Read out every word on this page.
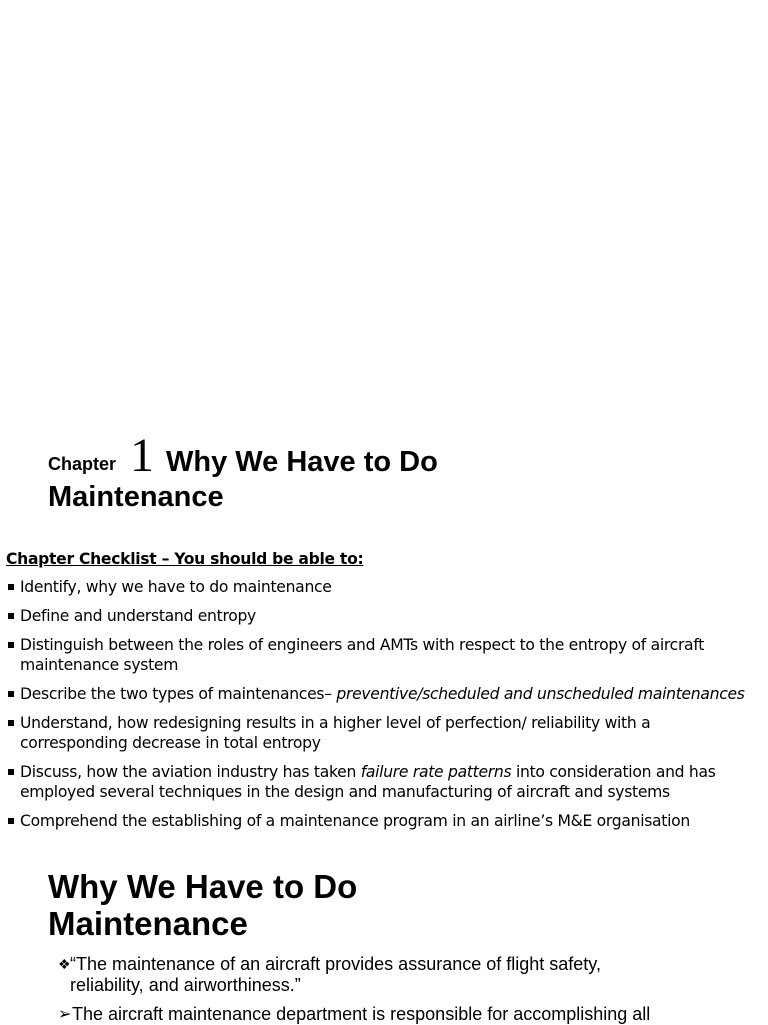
Chapter 1 Why We Have to Do
Maintenance
Chapter Checklist – You should be able to:
Identify, why we have to do maintenance
Define and understand entropy
Distinguish between the roles of engineers and AMTs with respect to the entropy of aircraft maintenance system
Describe the two types of maintenances– preventive/scheduled and unscheduled maintenances
Understand, how redesigning results in a higher level of perfection/ reliability with a corresponding decrease in total entropy
Discuss, how the aviation industry has taken failure rate patterns into consideration and has employed several techniques in the design and manufacturing of aircraft and systems
Comprehend the establishing of a maintenance program in an airline’s M&E organisation
Why We Have to Do
Maintenance
❖ “The maintenance of an aircraft provides assurance of flight safety,
reliability, and airworthiness.”
➢ The aircraft maintenance department is responsible for accomplishing all
